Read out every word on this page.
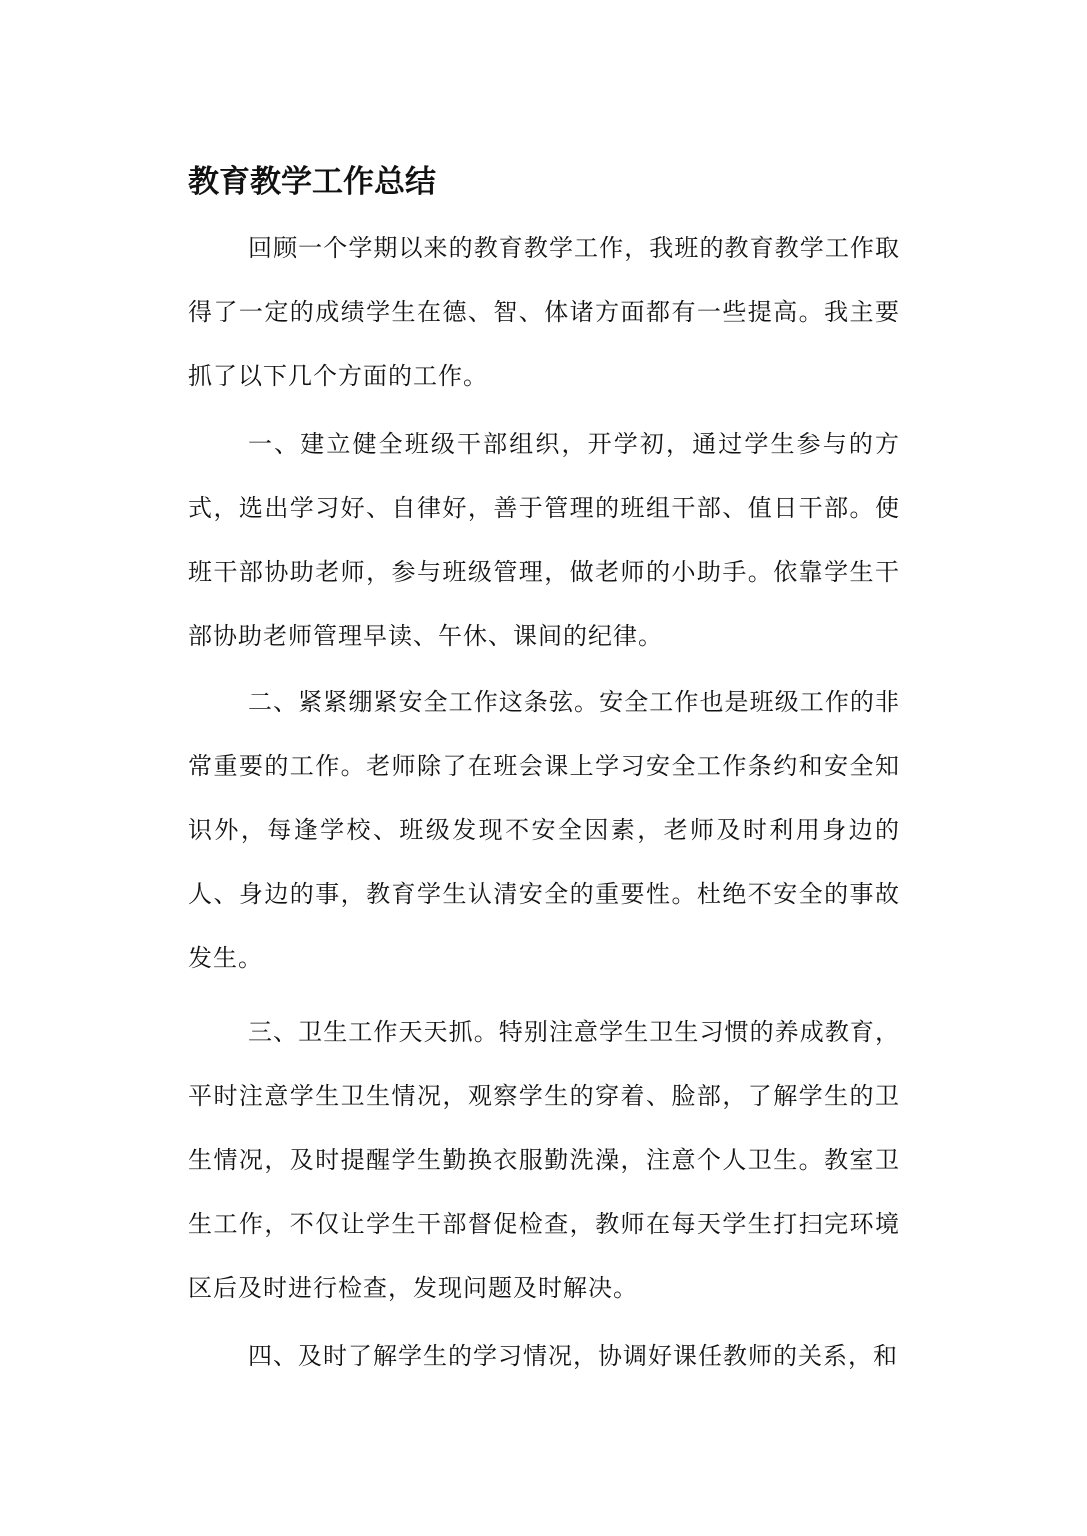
教育教学工作总结

回顾一个学期以来的教育教学工作，我班的教育教学工作取得了一定的成绩学生在德、智、体诸方面都有一些提高。我主要抓了以下几个方面的工作。

一、建立健全班级干部组织，开学初，通过学生参与的方式，选出学习好、自律好，善于管理的班组干部、值日干部。使班干部协助老师，参与班级管理，做老师的小助手。依靠学生干部协助老师管理早读、午休、课间的纪律。

二、紧紧绷紧安全工作这条弦。安全工作也是班级工作的非常重要的工作。老师除了在班会课上学习安全工作条约和安全知识外，每逢学校、班级发现不安全因素，老师及时利用身边的人、身边的事，教育学生认清安全的重要性。杜绝不安全的事故发生。

三、卫生工作天天抓。特别注意学生卫生习惯的养成教育，平时注意学生卫生情况，观察学生的穿着、脸部，了解学生的卫生情况，及时提醒学生勤换衣服勤洗澡，注意个人卫生。教室卫生工作，不仅让学生干部督促检查，教师在每天学生打扫完环境区后及时进行检查，发现问题及时解决。

四、及时了解学生的学习情况，协调好课任教师的关系，和
